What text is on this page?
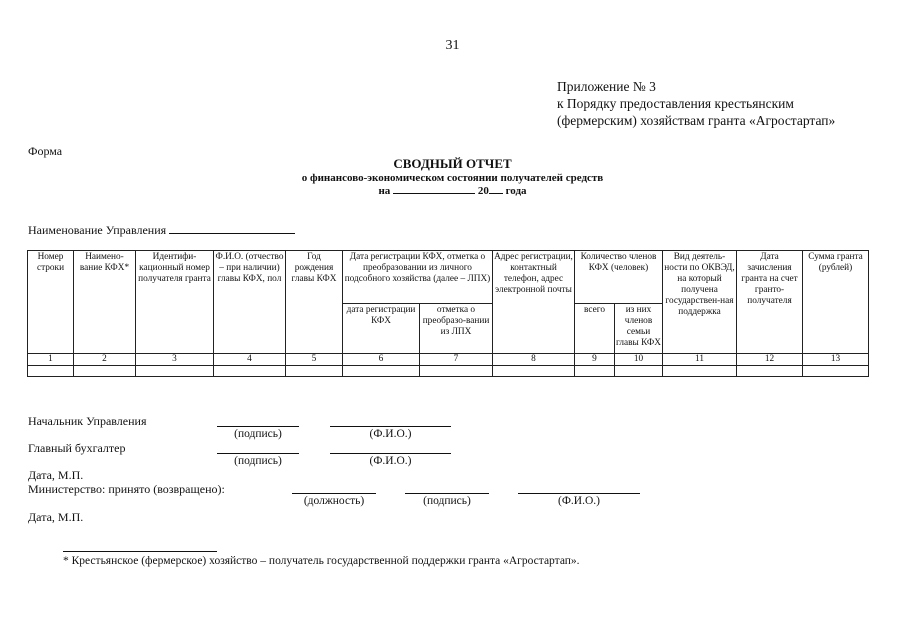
31
Приложение № 3
к Порядку предоставления крестьянским
(фермерским) хозяйствам гранта «Агростартап»
Форма
СВОДНЫЙ ОТЧЕТ
о финансово-экономическом состоянии получателей средств
на	20 года
Наименование Управления
Номер строки	Наимено-вание КФХ*	Идентифи-кационный номер получателя гранта	Ф.И.О. (отчество – при наличии) главы КФХ, пол	Год рождения главы КФХ	Дата регистрации КФХ, отметка о преобразовании из личного подсобного хозяйства (далее – ЛПХ)		Адрес регистрации, контактный телефон, адрес электронной почты	Количество членов КФХ (человек)		Вид деятель-ности по ОКВЭД, на который получена государствен-ная поддержка	Дата зачисления гранта на счет гранто-получателя	Сумма гранта (рублей)
					дата регистрации КФХ	отметка о преобразо-вании из ЛПХ		всего	из них членов семьи главы КФХ			
1	2	3	4	5	6	7	8	9	10	11	12	13

Начальник Управления
(подпись)	(Ф.И.О.)
Главный бухгалтер
(подпись)	(Ф.И.О.)
Дата, М.П.
Министерство: принято (возвращено):
(должность)	(подпись)	(Ф.И.О.)
Дата, М.П.
* Крестьянское (фермерское) хозяйство – получатель государственной поддержки гранта «Агростартап».
